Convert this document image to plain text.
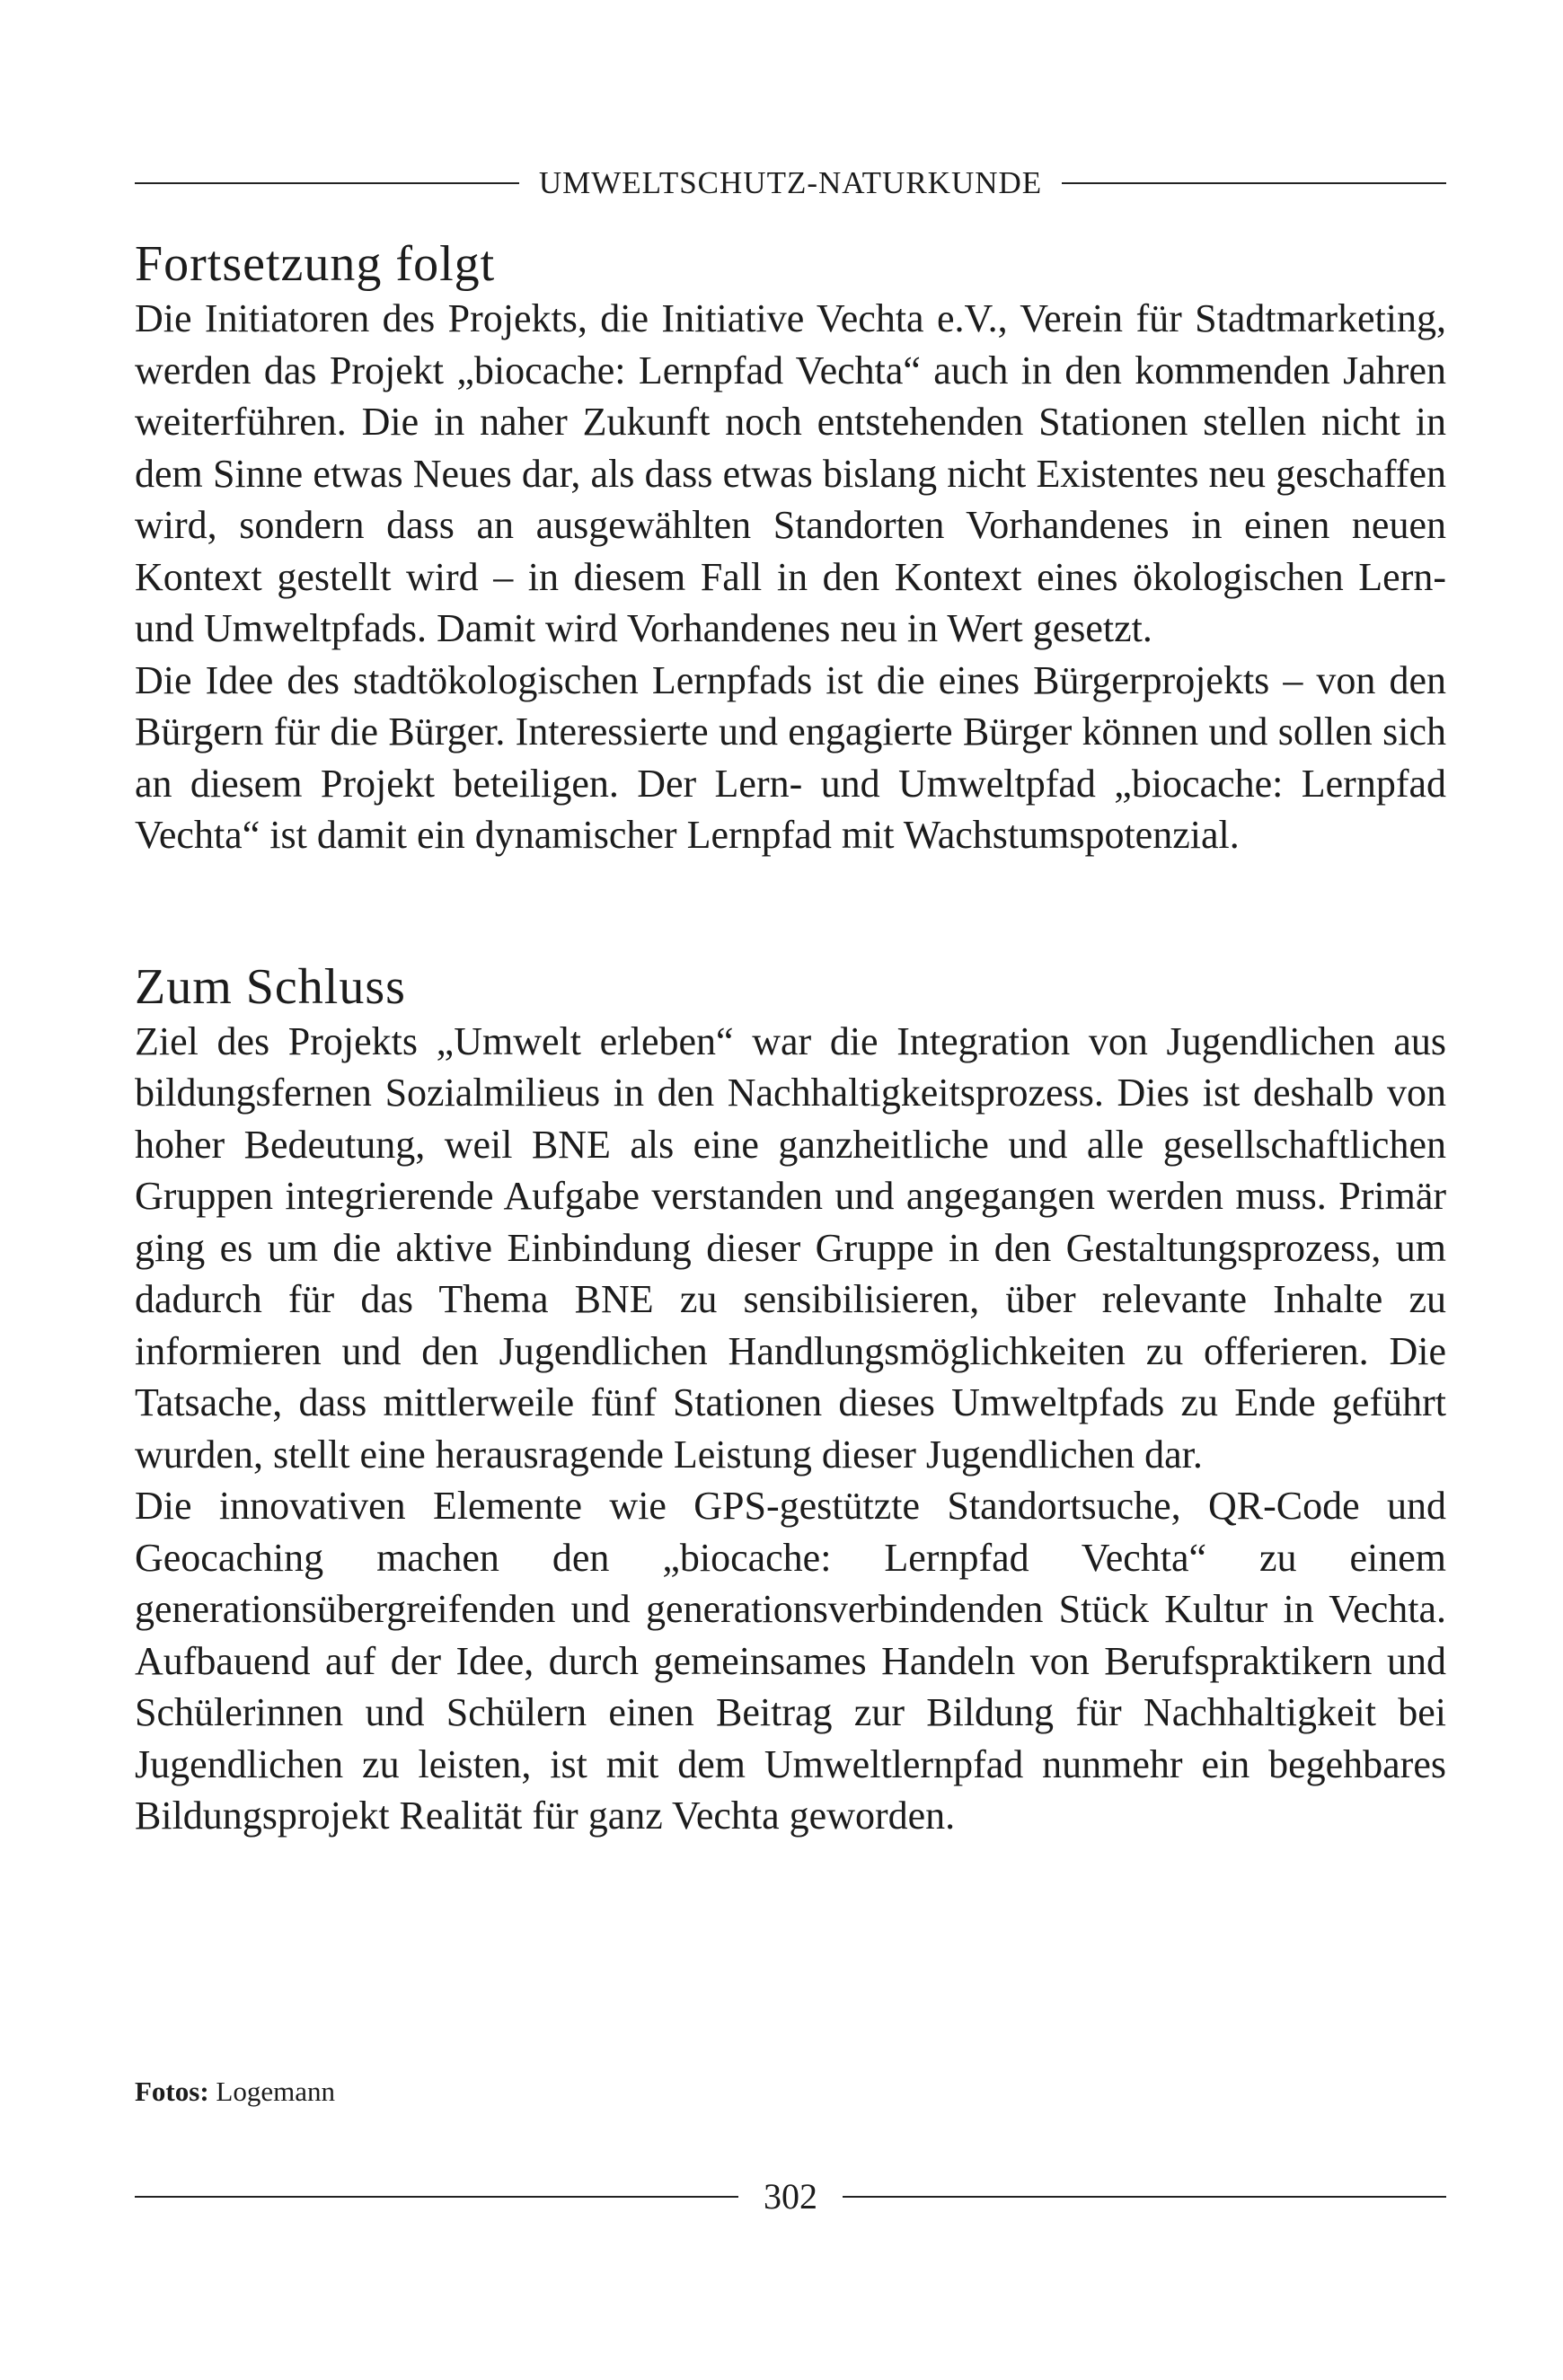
UMWELTSCHUTZ-NATURKUNDE
Fortsetzung folgt

Die Initiatoren des Projekts, die Initiative Vechta e.V., Verein für Stadtmarketing, werden das Projekt „biocache: Lernpfad Vechta“ auch in den kommenden Jahren weiterführen. Die in naher Zukunft noch entstehenden Stationen stellen nicht in dem Sinne etwas Neues dar, als dass etwas bislang nicht Existentes neu geschaffen wird, sondern dass an ausgewählten Standorten Vorhandenes in einen neuen Kontext gestellt wird – in diesem Fall in den Kontext eines ökologischen Lern- und Umweltpfads. Damit wird Vorhandenes neu in Wert gesetzt.

Die Idee des stadtökologischen Lernpfads ist die eines Bürgerprojekts – von den Bürgern für die Bürger. Interessierte und engagierte Bürger können und sollen sich an diesem Projekt beteiligen. Der Lern- und Umweltpfad „biocache: Lernpfad Vechta“ ist damit ein dynamischer Lernpfad mit Wachstumspotenzial.

Zum Schluss

Ziel des Projekts „Umwelt erleben“ war die Integration von Jugendlichen aus bildungsfernen Sozialmilieus in den Nachhaltigkeitsprozess. Dies ist deshalb von hoher Bedeutung, weil BNE als eine ganzheitliche und alle gesellschaftlichen Gruppen integrierende Aufgabe verstanden und angegangen werden muss. Primär ging es um die aktive Einbindung dieser Gruppe in den Gestaltungsprozess, um dadurch für das Thema BNE zu sensibilisieren, über relevante Inhalte zu informieren und den Jugendlichen Handlungsmöglichkeiten zu offerieren. Die Tatsache, dass mittlerweile fünf Stationen dieses Umweltpfads zu Ende geführt wurden, stellt eine herausragende Leistung dieser Jugendlichen dar.

Die innovativen Elemente wie GPS-gestützte Standortsuche, QR-Code und Geocaching machen den „biocache: Lernpfad Vechta“ zu einem generationsübergreifenden und generationsverbindenden Stück Kultur in Vechta. Aufbauend auf der Idee, durch gemeinsames Handeln von Berufspraktikern und Schülerinnen und Schülern einen Beitrag zur Bildung für Nachhaltigkeit bei Jugendlichen zu leisten, ist mit dem Umweltlernpfad nunmehr ein begehbares Bildungsprojekt Realität für ganz Vechta geworden.

Fotos: Logemann
302
